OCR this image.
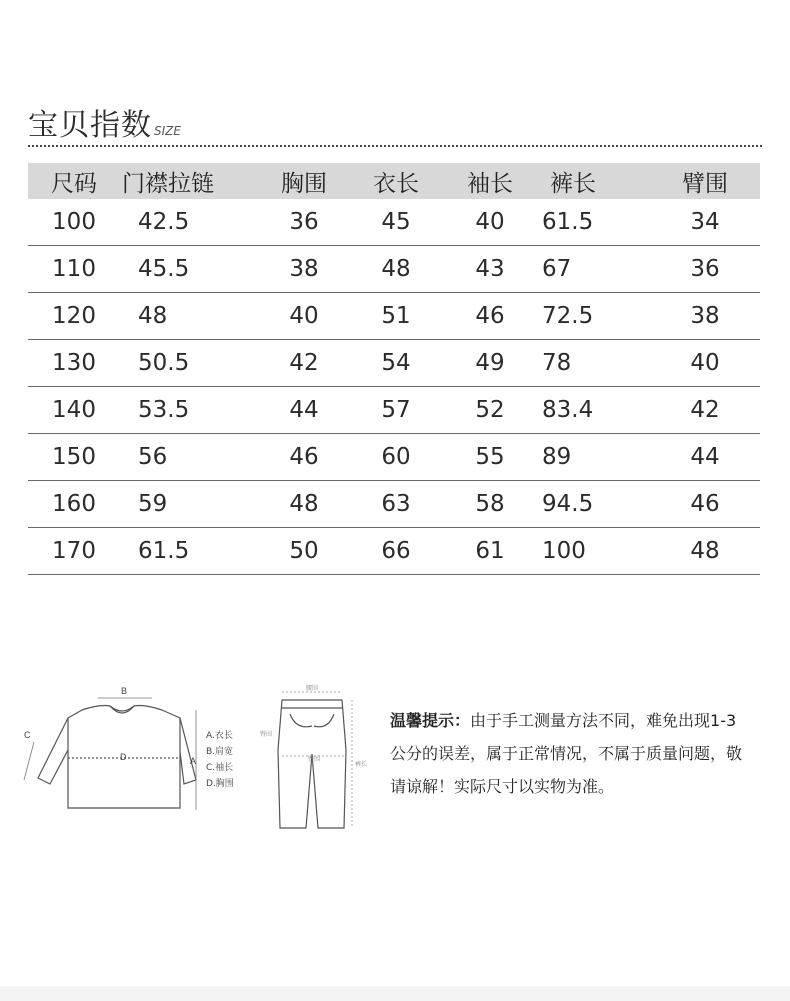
宝贝指数 SIZE
尺码	门襟拉链	胸围	衣长	袖长	裤长	臂围
100	42.5	36	45	40	61.5	34
110	45.5	38	48	43	67	36
120	48	40	51	46	72.5	38
130	50.5	42	54	49	78	40
140	53.5	44	57	52	83.4	42
150	56	46	60	55	89	44
160	59	48	63	58	94.5	46
170	61.5	50	66	61	100	48
B
A
C
D
腰围
臀围
臀围
裤长
A.衣长
B.肩宽
C.袖长
D.胸围
温馨提示：由于手工测量方法不同，难免出现1-3公分的误差，属于正常情况，不属于质量问题，敬请谅解！实际尺寸以实物为准。
